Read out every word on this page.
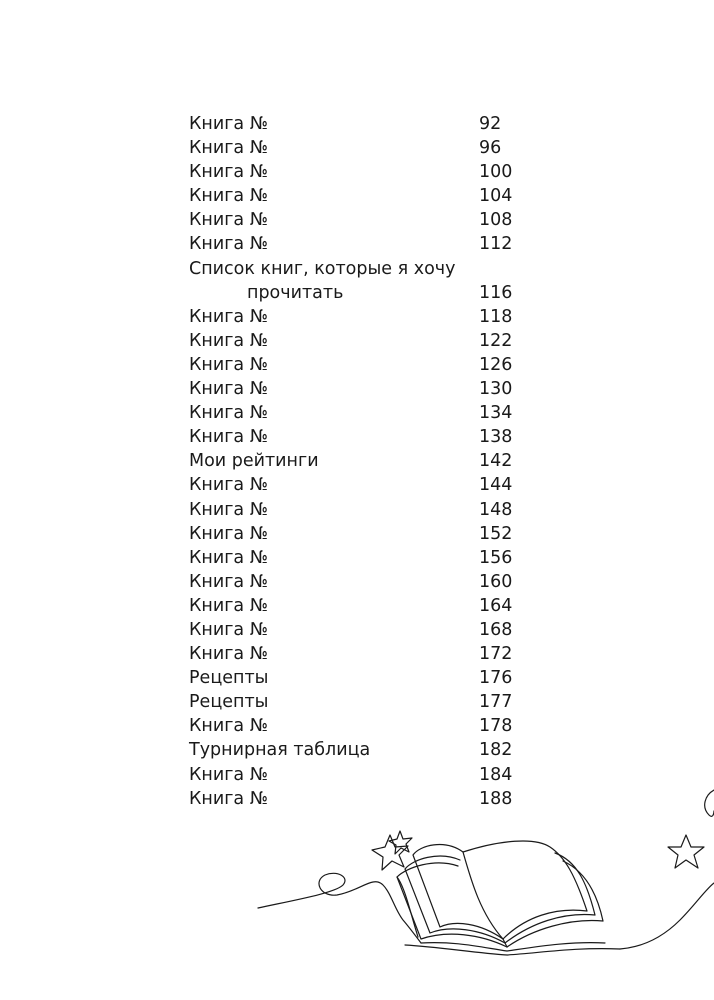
Книга №	92
Книга №	96
Книга №	100
Книга №	104
Книга №	108
Книга №	112
Список книг, которые я хочу
прочитать	116
Книга №	118
Книга №	122
Книга №	126
Книга №	130
Книга №	134
Книга №	138
Мои рейтинги	142
Книга №	144
Книга №	148
Книга №	152
Книга №	156
Книга №	160
Книга №	164
Книга №	168
Книга №	172
Рецепты	176
Рецепты	177
Книга №	178
Турнирная таблица	182
Книга №	184
Книга №	188
